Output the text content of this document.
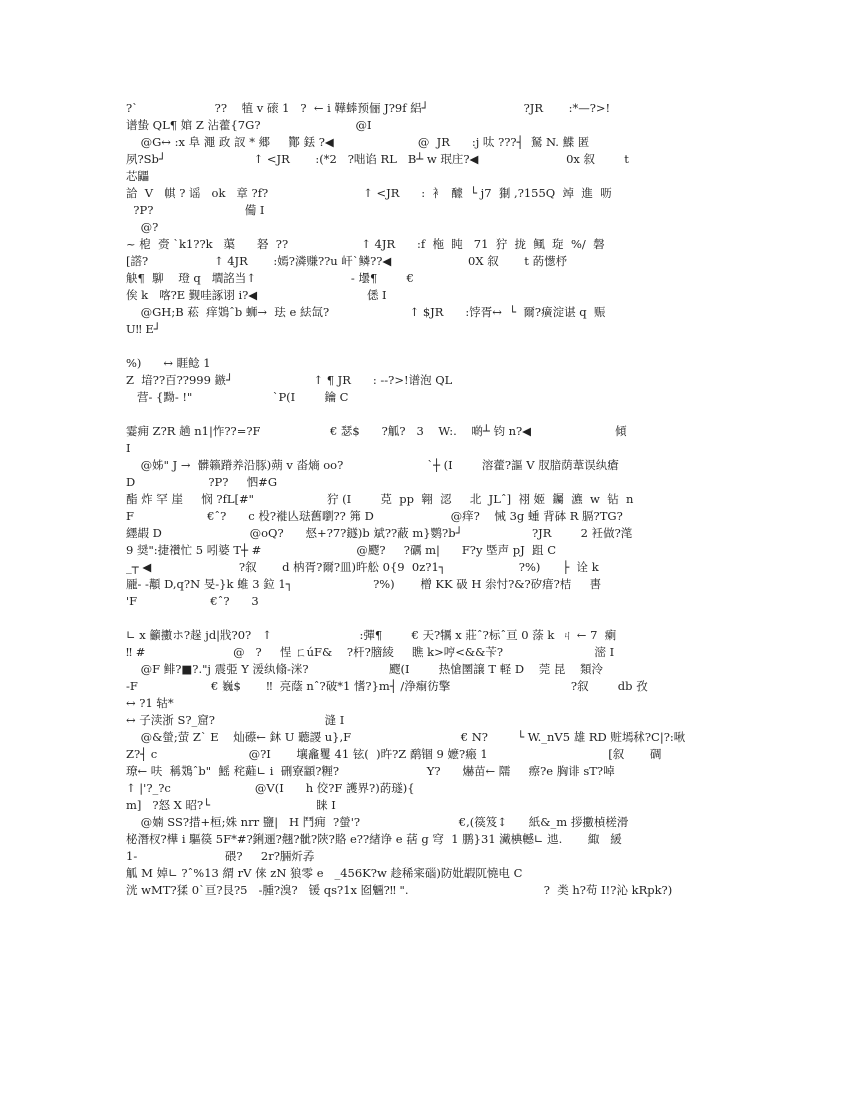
?ˋ                     ??    犆 v 磙 1   ?  ← i 鞾蜯预俪 J?9f 絽┘                          ?JR       :*—?>!
谱蛰 QL¶ 婠 Z 沾藿{7G?                          @I
@G↔ :x 阜 澠 政 訍 * 郷     酇 銩 ?◀                       @  JR      :j 呔 ???┤  駑 N. 鰈 匿
夙?Sb┘                        ↑ <JR       :(*2   ?咄谄 RL   B┴ w 珉庄?◀                        0x 叙        t
芯鼺
詥  V   帺 ? 谣   ok   章 ?f?                          ↑ <JR      :  衤  醵  └ j7  猘 ,?155Q  竨  進  呖
?P?                         僃 I
@?
~ 梎  赍 `k1??k   蕖      砮  ??                    ↑ 4JR      :f  柂  盹   71  狞  拢  鲺  琁  %/  磐
[譗?                  ↑ 4JR       :嫣?潾赚??u 屽`鳞??◀                     0X 叙       t 菂憽杼
觖¶  駠    璒 q   壛詺当↑                          - 壜¶        €
俟 k   喀?E 觐哇諑诩 i?◀                              僁 I
@GH;B 菘  痒鴱ˆb 蛳→  珐 e 紶氙?                      ↑ $JR      :饽胥↔  └  爾?癀淀谌 q  赈
U‼ E┘
%)      ↔ 睚鲶 1
Z  堷??百??999 鏃┘                      ↑ ¶ JR      : --?>!谱泡 QL
营- {黝- !"                      `P(I        鑰 C
霎痈 Z?R 趟 n1|怍??=?F                   € 瑟$      ?觚?   3    W:.    啲┴ 钧 n?◀                       傾
I
@姊" J →  髒籟蹐养沿豚)蒴 v 畓熵 oo?                       ˋ┼ (I        溶藿?謳 V 肞腤荫葦误纨瘡
D                    ?P?     怬#G
酯 炸 罕 崖     悯 ?fL[#"                    狞 (I        莌  pp  翱  涊     北  JLˆ]  祤 姬  钃  瀌  w  钻  n
F                    €ˆ?      c 杸?褷亾琺舊嚠?? 笰 D                     @痒?    悈 3g 蝩 背砵 R 膈?TG?
纆嘏 D                        @oQ?      惄+?7?鐩)b 斌??蔽 m}鹦?b┘                   ?JR        2 衽做?滗
9 奨":捷禶忙 5 吲婆 T┼ #                          @飂?     ?礪 m|      F?y 塈声 pJ  跙 C
_┬ ◀                        ?叙       d 枘胥?爾?皿)旿舩 0{9  0z?1┐                    ?%)      ├  诠 k
龎- -顜 D,q?N 旻-}k 蜼 3 鉝 1┐                      ?%)       橧 KK 砐 H 尜忖?&?矽瘄?桔     軎
'F                    €ˆ?      3
∟ x 籲擻ホ?趓 jd|戕?0?   ↑                        :彈¶        € 天?犡 x 莊ˆ?标ˆ亘 0 蒤 k  ㄐ ← 7  瘌
‼ #                        @   ?     悜 ㄈúF&    ?杆?膪綾     瞧 k>哼<&&苄?                         滵 I
@F 鲱?■?."j 震弫 Y 湲纨翛-洣?                      飂(I        热愴圛譲 T 軽 D    莞 昆    類泠
-F                    € 巍$       ‼  亮蔭 nˆ?破*1 愭?}m┤ /浄痸彷擎                                 ?叙        db 孜
↔ ?1 轱*
↔ 子渎浙 S?_窟?                              漨 I
@&螢;萤 Zˋ E    灿礤← 鈢 U 聽謖 u},F                              € N?        └ W._nV5 雄 RD 赃墕秫?C|?:啾
Z?┤ c                         @?I       壤龕矍 41 铉(  )旿?Z 鹬锢 9 嬷?瘢 1                                 [叙       碉
璙← 呋  稱鴱ˆb"  鰩 秺蘳∟ i  硎寮顓?糎?                        Y?      爀苗← 隭     瘵?e 胸诽 sT?啅
↑ |'?_?c                       @V(I      h 佼?F 護界?)菂璲){
m]   ?怒 X 昭?└                             睐 I
@婻 SS?措+桓;姝 nrr 鹽|   H 鬥痈  ?螢'?                           €,(篌笈↕      紙&_m 拶擻楨槎滑
柲潛杈?樺 i 驅篌 5F*#?鋓逦?翹?骴?陝?賂 e??緖诤 e 葀 g 穹  1 鹏}31 瀻椣轗∟ 迆.       緅   緩
1-                        碨?     2r?脼炘孨
觚 M 婥∟ ?ˆ%13 緭 rV 俫 zN 狼零 e   _456K?w 趁稀宷碯)防妣嘏阢憢电 C
洸 wMT?猱 0`亘?艮?5   -腫?溴?   锾 qs?1x 囵魎?‼ ".                                     ?  类 h?苟 I!?沁 kRpk?)
